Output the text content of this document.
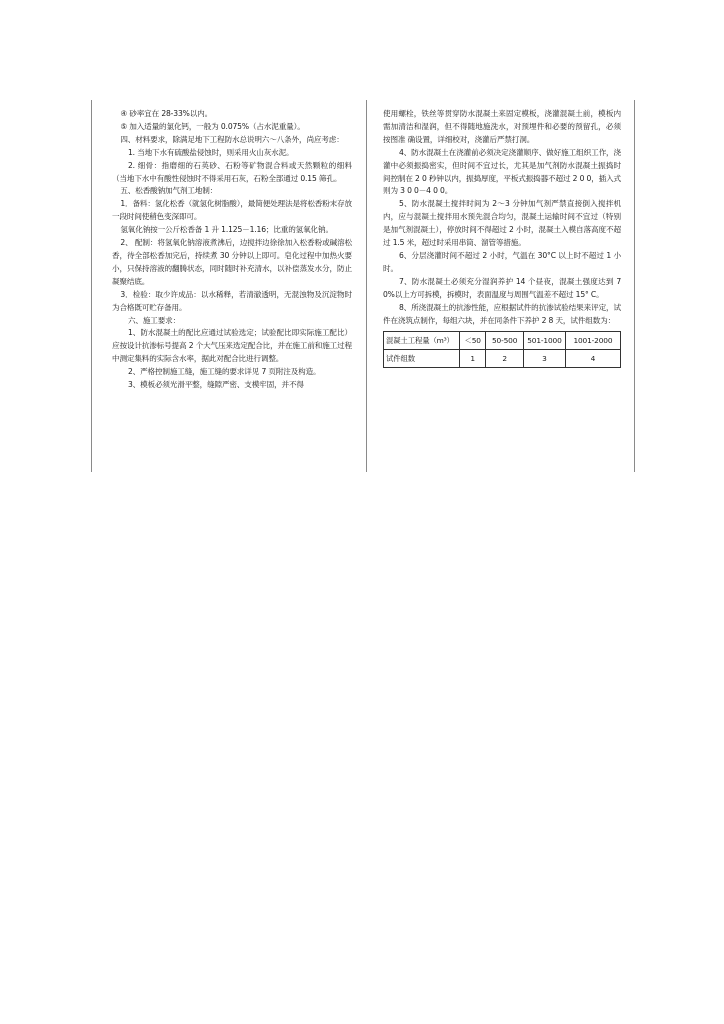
④ 砂率宜在 28-33%以内。

⑤ 加入适量的氯化钙，一般为 0.075%（占水泥重量）。

四、材料要求，除满足地下工程防水总说明六～八条外，尚应考虑：

1. 当地下水有硫酸盐侵蚀时，则采用火山灰水泥。

2. 细骨：指磨细的石英砂、石粉等矿物混合料或天然颗粒的细料（当地下水中有酸性侵蚀时不得采用石灰，石粉全部通过 0.15 筛孔。

五、松香酸钠加气剂工地制：

1．备料：氢化松香（就氢化树脂酸），最简便处理法是将松香粉末存放一段时间使稍色变深即可。

氢氧化钠按一公斤松香备 1 升 1.125－1.16；比重的氢氧化钠。

2、 配制：将氢氧化钠溶液煮沸后，边搅拌边徐徐加入松香粉或碱溶松香，待全部松香加完后，持续煮 30 分钟以上即可。皂化过程中加热火要小，只保持溶液的翻腾状态，同时随时补充清水，以补偿蒸发水分，防止凝聚结底。

3．检验：取少许成品：以水稀释，若清澈透明，无混浊物及沉淀物时为合格既可贮存备用。

六、施工要求：

1、防水混凝土的配比应通过试验选定；试验配比即实际施工配比）应按设计抗渗标号提高 2 个大气压来选定配合比，并在施工前和施工过程中测定集料的实际含水率，据此对配合比进行调整。

2、严格控制施工缝，施工缝的要求详见 7 页附注及构造。

3、模板必须光滑平整，缝隙严密、支模牢固，并不得

使用螺栓，铁丝等贯穿防水混凝土来固定模板，浇灌混凝土前，模板内需加清洁和湿润，但不得随地施洗水，对预埋件和必要的预留孔，必须按图准 确设置，详细校对，浇灌后严禁打洞。

4、防水混凝土在浇灌前必须决定浇灌顺序、做好施工组织工作，浇灌中必须振捣密实，但时间不宜过长，尤其是加气剂防水混凝土振捣时间控制在 2 0 秒钟以内，振捣厚度，平板式振捣器不超过 2 0 0，插入式则为 3 0 0－4 0 0。

5、防水混凝土搅拌时间为 2～3 分钟加气剂严禁直接倒入搅拌机内，应与混凝土搅拌用水预先混合均匀，混凝土运输时间不宜过（特别是加气剂混凝土），停放时间不得超过 2 小时，混凝土入模自落高度不超过 1.5 米，超过时采用串筒、溜管等措施。

6、分层浇灌时间不超过 2 小时，气温在 30°C 以上时不超过 1 小时。

7、防水混凝土必须充分湿润养护 14 个昼夜，混凝土强度达到 70%以上方可拆模，拆模时，表面温度与周围气温差不超过 15° C。

8、所浇混凝土的抗渗性能，应根据试件的抗渗试验结果来评定，试件在浇筑点制作，每组六块，并在同条件下养护 2 8 天，试件组数为：

混凝土工程量（m³）	＜50	50-500	501-1000	1001-2000
试件组数	1	2	3	4
